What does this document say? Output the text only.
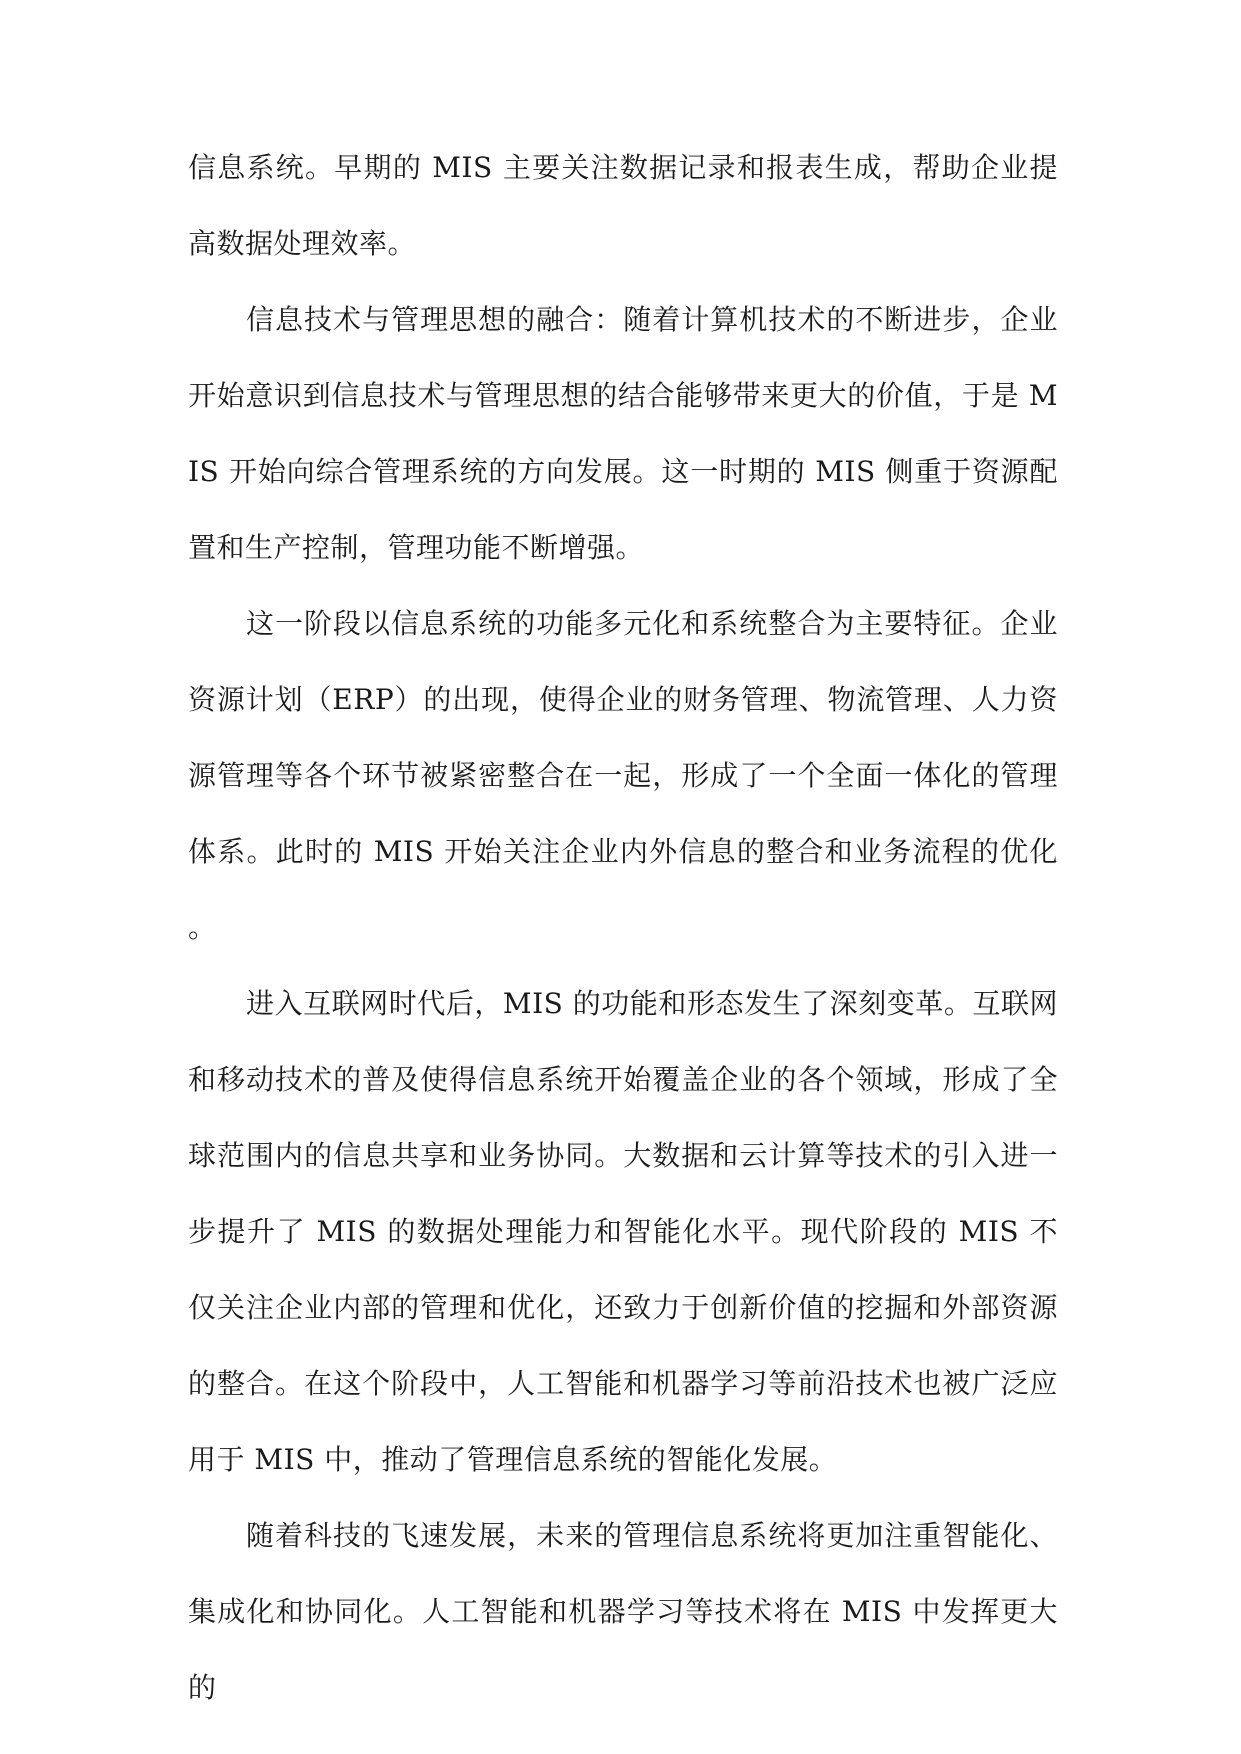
信息系统。早期的 MIS 主要关注数据记录和报表生成，帮助企业提高数据处理效率。

信息技术与管理思想的融合：随着计算机技术的不断进步，企业开始意识到信息技术与管理思想的结合能够带来更大的价值，于是 MIS 开始向综合管理系统的方向发展。这一时期的 MIS 侧重于资源配置和生产控制，管理功能不断增强。

这一阶段以信息系统的功能多元化和系统整合为主要特征。企业资源计划（ERP）的出现，使得企业的财务管理、物流管理、人力资源管理等各个环节被紧密整合在一起，形成了一个全面一体化的管理体系。此时的 MIS 开始关注企业内外信息的整合和业务流程的优化。

进入互联网时代后，MIS 的功能和形态发生了深刻变革。互联网和移动技术的普及使得信息系统开始覆盖企业的各个领域，形成了全球范围内的信息共享和业务协同。大数据和云计算等技术的引入进一步提升了 MIS 的数据处理能力和智能化水平。现代阶段的 MIS 不仅关注企业内部的管理和优化，还致力于创新价值的挖掘和外部资源的整合。在这个阶段中，人工智能和机器学习等前沿技术也被广泛应用于 MIS 中，推动了管理信息系统的智能化发展。

随着科技的飞速发展，未来的管理信息系统将更加注重智能化、集成化和协同化。人工智能和机器学习等技术将在 MIS 中发挥更大的
